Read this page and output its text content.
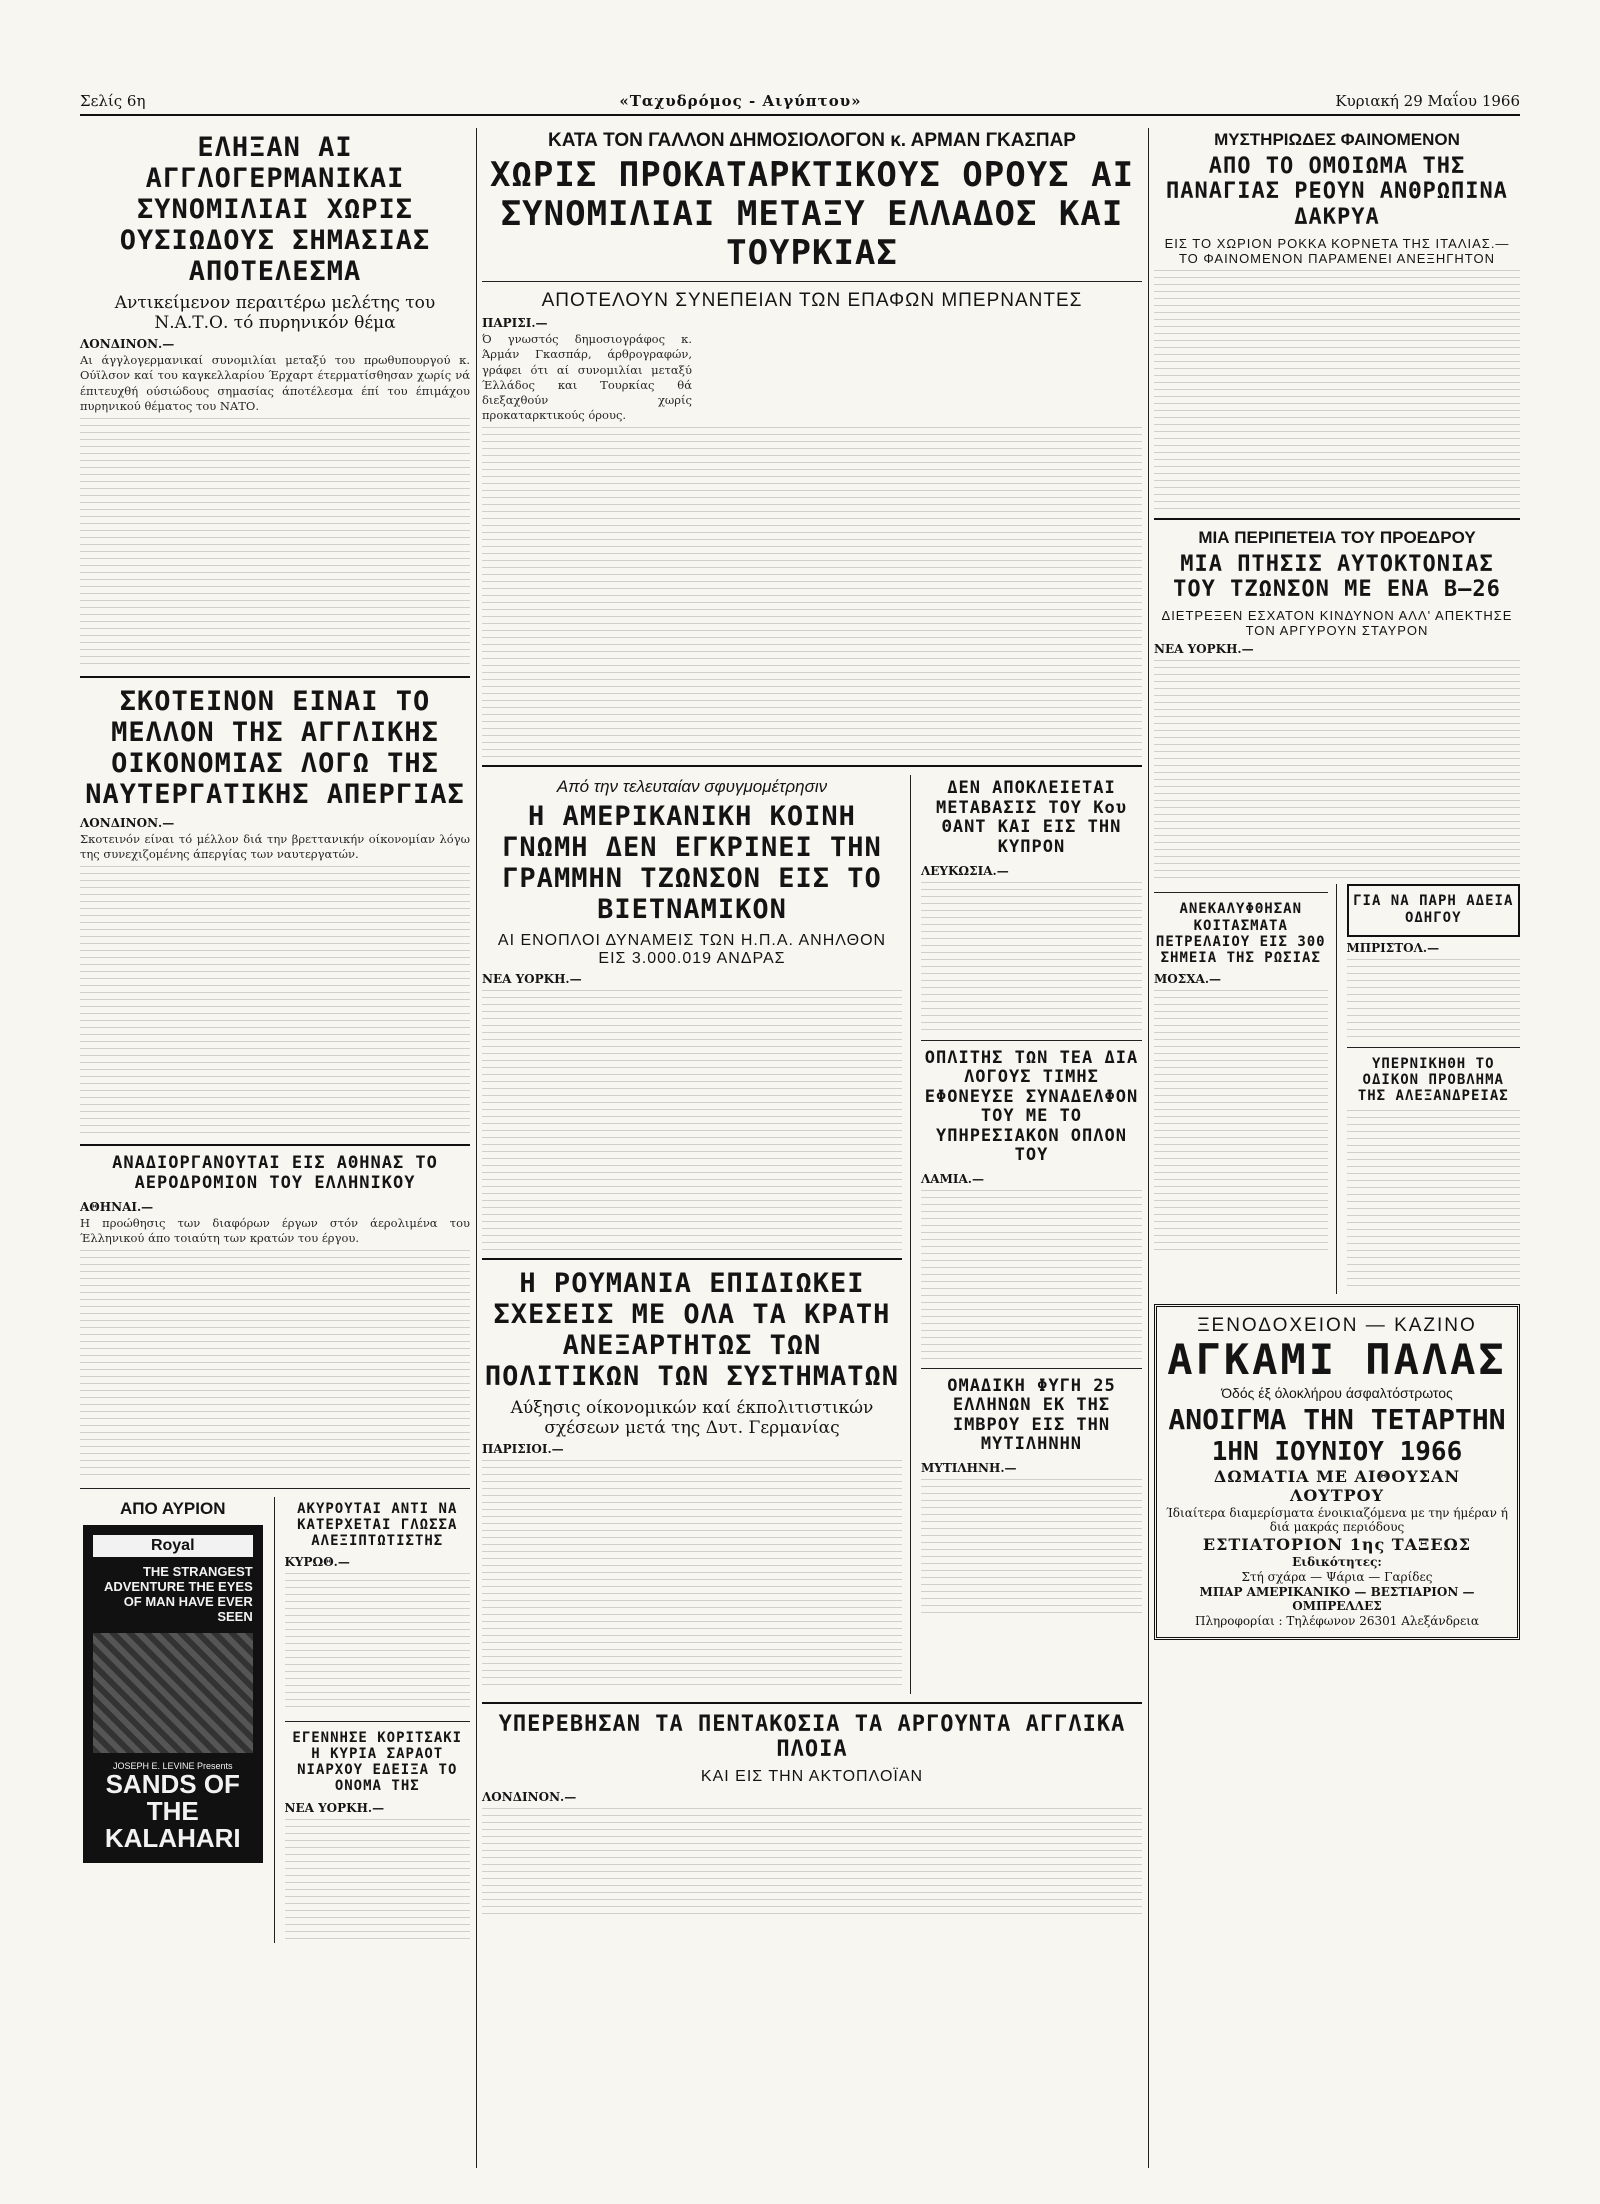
Σελίς 6η	«Ταχυδρόμος - Αιγύπτου»	Κυριακή 29 Μαΐου 1966
ΕΛΗΞΑΝ ΑΙ ΑΓΓΛΟΓΕΡΜΑΝΙΚΑΙ ΣΥΝΟΜΙΛΙΑΙ ΧΩΡΙΣ ΟΥΣΙΩΔΟΥΣ ΣΗΜΑΣΙΑΣ ΑΠΟΤΕΛΕΣΜΑ
Αντικείμενον περαιτέρω μελέτης του Ν.Α.Τ.Ο. τό πυρηνικόν θέμα
ΛΟΝΔΙΝΟΝ.—
Αι άγγλογερμανικαί συνομιλίαι μεταξύ του πρωθυπουργού κ. Ούϊλσον καί του καγκελλαρίου Έρχαρτ έτερματίσθησαν χωρίς νά έπιτευχθή ούσιώδους σημασίας άποτέλεσμα έπί του έπιμάχου πυρηνικού θέματος του ΝΑΤΟ.
ΣΚΟΤΕΙΝΟΝ ΕΙΝΑΙ ΤΟ ΜΕΛΛΟΝ ΤΗΣ ΑΓΓΛΙΚΗΣ ΟΙΚΟΝΟΜΙΑΣ ΛΟΓΩ ΤΗΣ ΝΑΥΤΕΡΓΑΤΙΚΗΣ ΑΠΕΡΓΙΑΣ
ΛΟΝΔΙΝΟΝ.—
Σκοτεινόν είναι τό μέλλον διά την βρεττανικήν οίκονομίαν λόγω της συνεχιζομένης άπεργίας των ναυτεργατών.
ΑΝΑΔΙΟΡΓΑΝΟΥΤΑΙ ΕΙΣ ΑΘΗΝΑΣ ΤΟ ΑΕΡΟΔΡΟΜΙΟΝ ΤΟΥ ΕΛΛΗΝΙΚΟΥ
ΑΘΗΝΑΙ.—
Η προώθησις των διαφόρων έργων στόν άερολιμένα του Έλληνικού άπο τοιαύτη των κρατών του έργου.
ΑΠΟ ΑΥΡΙΟΝ
Royal
THE STRANGEST ADVENTURE THE EYES OF MAN HAVE EVER SEEN
JOSEPH E. LEVINE Presents
SANDS OF THE KALAHARI
ΑΚΥΡΟΥΤΑΙ ΑΝΤΙ ΝΑ ΚΑΤΕΡΧΕΤΑΙ ΓΛΩΣΣΑ ΑΛΕΞΙΠΤΩΤΙΣΤΗΣ
ΚΥΡΩΘ.—
ΕΓΕΝΝΗΣΕ ΚΟΡΙΤΣΑΚΙ Η ΚΥΡΙΑ ΣΑΡΑΟΤ ΝΙΑΡΧΟΥ ΕΔΕΙΞΑ ΤΟ ΟΝΟΜΑ ΤΗΣ
ΝΕΑ ΥΟΡΚΗ.—
ΚΑΤΑ ΤΟΝ ΓΑΛΛΟΝ ΔΗΜΟΣΙΟΛΟΓΟΝ κ. ΑΡΜΑΝ ΓΚΑΣΠΑΡ
ΧΩΡΙΣ ΠΡΟΚΑΤΑΡΚΤΙΚΟΥΣ ΟΡΟΥΣ ΑΙ ΣΥΝΟΜΙΛΙΑΙ ΜΕΤΑΞΥ ΕΛΛΑΔΟΣ ΚΑΙ ΤΟΥΡΚΙΑΣ
ΑΠΟΤΕΛΟΥΝ ΣΥΝΕΠΕΙΑΝ ΤΩΝ ΕΠΑΦΩΝ ΜΠΕΡΝΑΝΤΕΣ
ΠΑΡΙΣΙ.—
Ό γνωστός δημοσιογράφος κ. Άρμάν Γκασπάρ, άρθρογραφών, γράφει ότι αί συνομιλίαι μεταξύ Έλλάδος και Τουρκίας θά διεξαχθούν χωρίς προκαταρκτικούς όρους.
Από την τελευταίαν σφυγμομέτρησιν
Η ΑΜΕΡΙΚΑΝΙΚΗ ΚΟΙΝΗ ΓΝΩΜΗ ΔΕΝ ΕΓΚΡΙΝΕΙ ΤΗΝ ΓΡΑΜΜΗΝ ΤΖΩΝΣΟΝ ΕΙΣ ΤΟ ΒΙΕΤΝΑΜΙΚΟΝ
ΑΙ ΕΝΟΠΛΟΙ ΔΥΝΑΜΕΙΣ ΤΩΝ Η.Π.Α. ΑΝΗΛΘΟΝ ΕΙΣ 3.000.019 ΑΝΔΡΑΣ
ΝΕΑ ΥΟΡΚΗ.—
Η ΡΟΥΜΑΝΙΑ ΕΠΙΔΙΩΚΕΙ ΣΧΕΣΕΙΣ ΜΕ ΟΛΑ ΤΑ ΚΡΑΤΗ ΑΝΕΞΑΡΤΗΤΩΣ ΤΩΝ ΠΟΛΙΤΙΚΩΝ ΤΩΝ ΣΥΣΤΗΜΑΤΩΝ
Αύξησις οίκονομικών καί έκπολιτιστικών σχέσεων μετά της Δυτ. Γερμανίας
ΠΑΡΙΣΙΟΙ.—
ΔΕΝ ΑΠΟΚΛΕΙΕΤΑΙ ΜΕΤΑΒΑΣΙΣ ΤΟΥ Κου ΘΑΝΤ ΚΑΙ ΕΙΣ ΤΗΝ ΚΥΠΡΟΝ
ΛΕΥΚΩΣΙΑ.—
ΟΠΛΙΤΗΣ ΤΩΝ ΤΕΑ ΔΙΑ ΛΟΓΟΥΣ ΤΙΜΗΣ ΕΦΟΝΕΥΣΕ ΣΥΝΑΔΕΛΦΟΝ ΤΟΥ ΜΕ ΤΟ ΥΠΗΡΕΣΙΑΚΟΝ ΟΠΛΟΝ ΤΟΥ
ΛΑΜΙΑ.—
ΟΜΑΔΙΚΗ ΦΥΓΗ 25 ΕΛΛΗΝΩΝ ΕΚ ΤΗΣ ΙΜΒΡΟΥ ΕΙΣ ΤΗΝ ΜΥΤΙΛΗΝΗΝ
ΜΥΤΙΛΗΝΗ.—
ΥΠΕΡΕΒΗΣΑΝ ΤΑ ΠΕΝΤΑΚΟΣΙΑ ΤΑ ΑΡΓΟΥΝΤΑ ΑΓΓΛΙΚΑ ΠΛΟΙΑ
ΚΑΙ ΕΙΣ ΤΗΝ ΑΚΤΟΠΛΟΪΑΝ
ΛΟΝΔΙΝΟΝ.—
ΜΥΣΤΗΡΙΩΔΕΣ ΦΑΙΝΟΜΕΝΟΝ
ΑΠΟ ΤΟ ΟΜΟΙΩΜΑ ΤΗΣ ΠΑΝΑΓΙΑΣ ΡΕΟΥΝ ΑΝΘΡΩΠΙΝΑ ΔΑΚΡΥΑ
ΕΙΣ ΤΟ ΧΩΡΙΟΝ ΡΟΚΚΑ ΚΟΡΝΕΤΑ ΤΗΣ ΙΤΑΛΙΑΣ.— ΤΟ ΦΑΙΝΟΜΕΝΟΝ ΠΑΡΑΜΕΝΕΙ ΑΝΕΞΗΓΗΤΟΝ
ΜΙΑ ΠΕΡΙΠΕΤΕΙΑ ΤΟΥ ΠΡΟΕΔΡΟΥ
ΜΙΑ ΠΤΗΣΙΣ ΑΥΤΟΚΤΟΝΙΑΣ ΤΟΥ ΤΖΩΝΣΟΝ ΜΕ ΕΝΑ Β—26
ΔΙΕΤΡΕΞΕΝ ΕΣΧΑΤΟΝ ΚΙΝΔΥΝΟΝ ΑΛΛ' ΑΠΕΚΤΗΣΕ ΤΟΝ ΑΡΓΥΡΟΥΝ ΣΤΑΥΡΟΝ
ΝΕΑ ΥΟΡΚΗ.—
ΑΝΕΚΑΛΥΦΘΗΣΑΝ ΚΟΙΤΑΣΜΑΤΑ ΠΕΤΡΕΛΑΙΟΥ ΕΙΣ 300 ΣΗΜΕΙΑ ΤΗΣ ΡΩΣΙΑΣ
ΜΟΣΧΑ.—
ΓΙΑ ΝΑ ΠΑΡΗ ΑΔΕΙΑ ΟΔΗΓΟΥ
ΜΠΡΙΣΤΟΛ.—
ΥΠΕΡΝΙΚΗΘΗ ΤΟ ΟΔΙΚΟΝ ΠΡΟΒΛΗΜΑ ΤΗΣ ΑΛΕΞΑΝΔΡΕΙΑΣ
ΞΕΝΟΔΟΧΕΙΟΝ — ΚΑΖΙΝΟ
ΑΓΚΑΜΙ ΠΑΛΑΣ
Όδός έξ όλοκλήρου άσφαλτόστρωτος
ΑΝΟΙΓΜΑ ΤΗΝ ΤΕΤΑΡΤΗΝ
1ΗΝ ΙΟΥΝΙΟΥ 1966
ΔΩΜΑΤΙΑ ΜΕ ΑΙΘΟΥΣΑΝ ΛΟΥΤΡΟΥ
Ίδιαίτερα διαμερίσματα ένοικιαζόμενα με την ήμέραν ή διά μακράς περιόδους
ΕΣΤΙΑΤΟΡΙΟΝ 1ης ΤΑΞΕΩΣ
Ειδικότητες:
Στή σχάρα — Ψάρια — Γαρίδες
ΜΠΑΡ ΑΜΕΡΙΚΑΝΙΚΟ — ΒΕΣΤΙΑΡΙΟΝ — ΟΜΠΡΕΛΛΕΣ
Πληροφορίαι : Τηλέφωνον 26301 Αλεξάνδρεια
